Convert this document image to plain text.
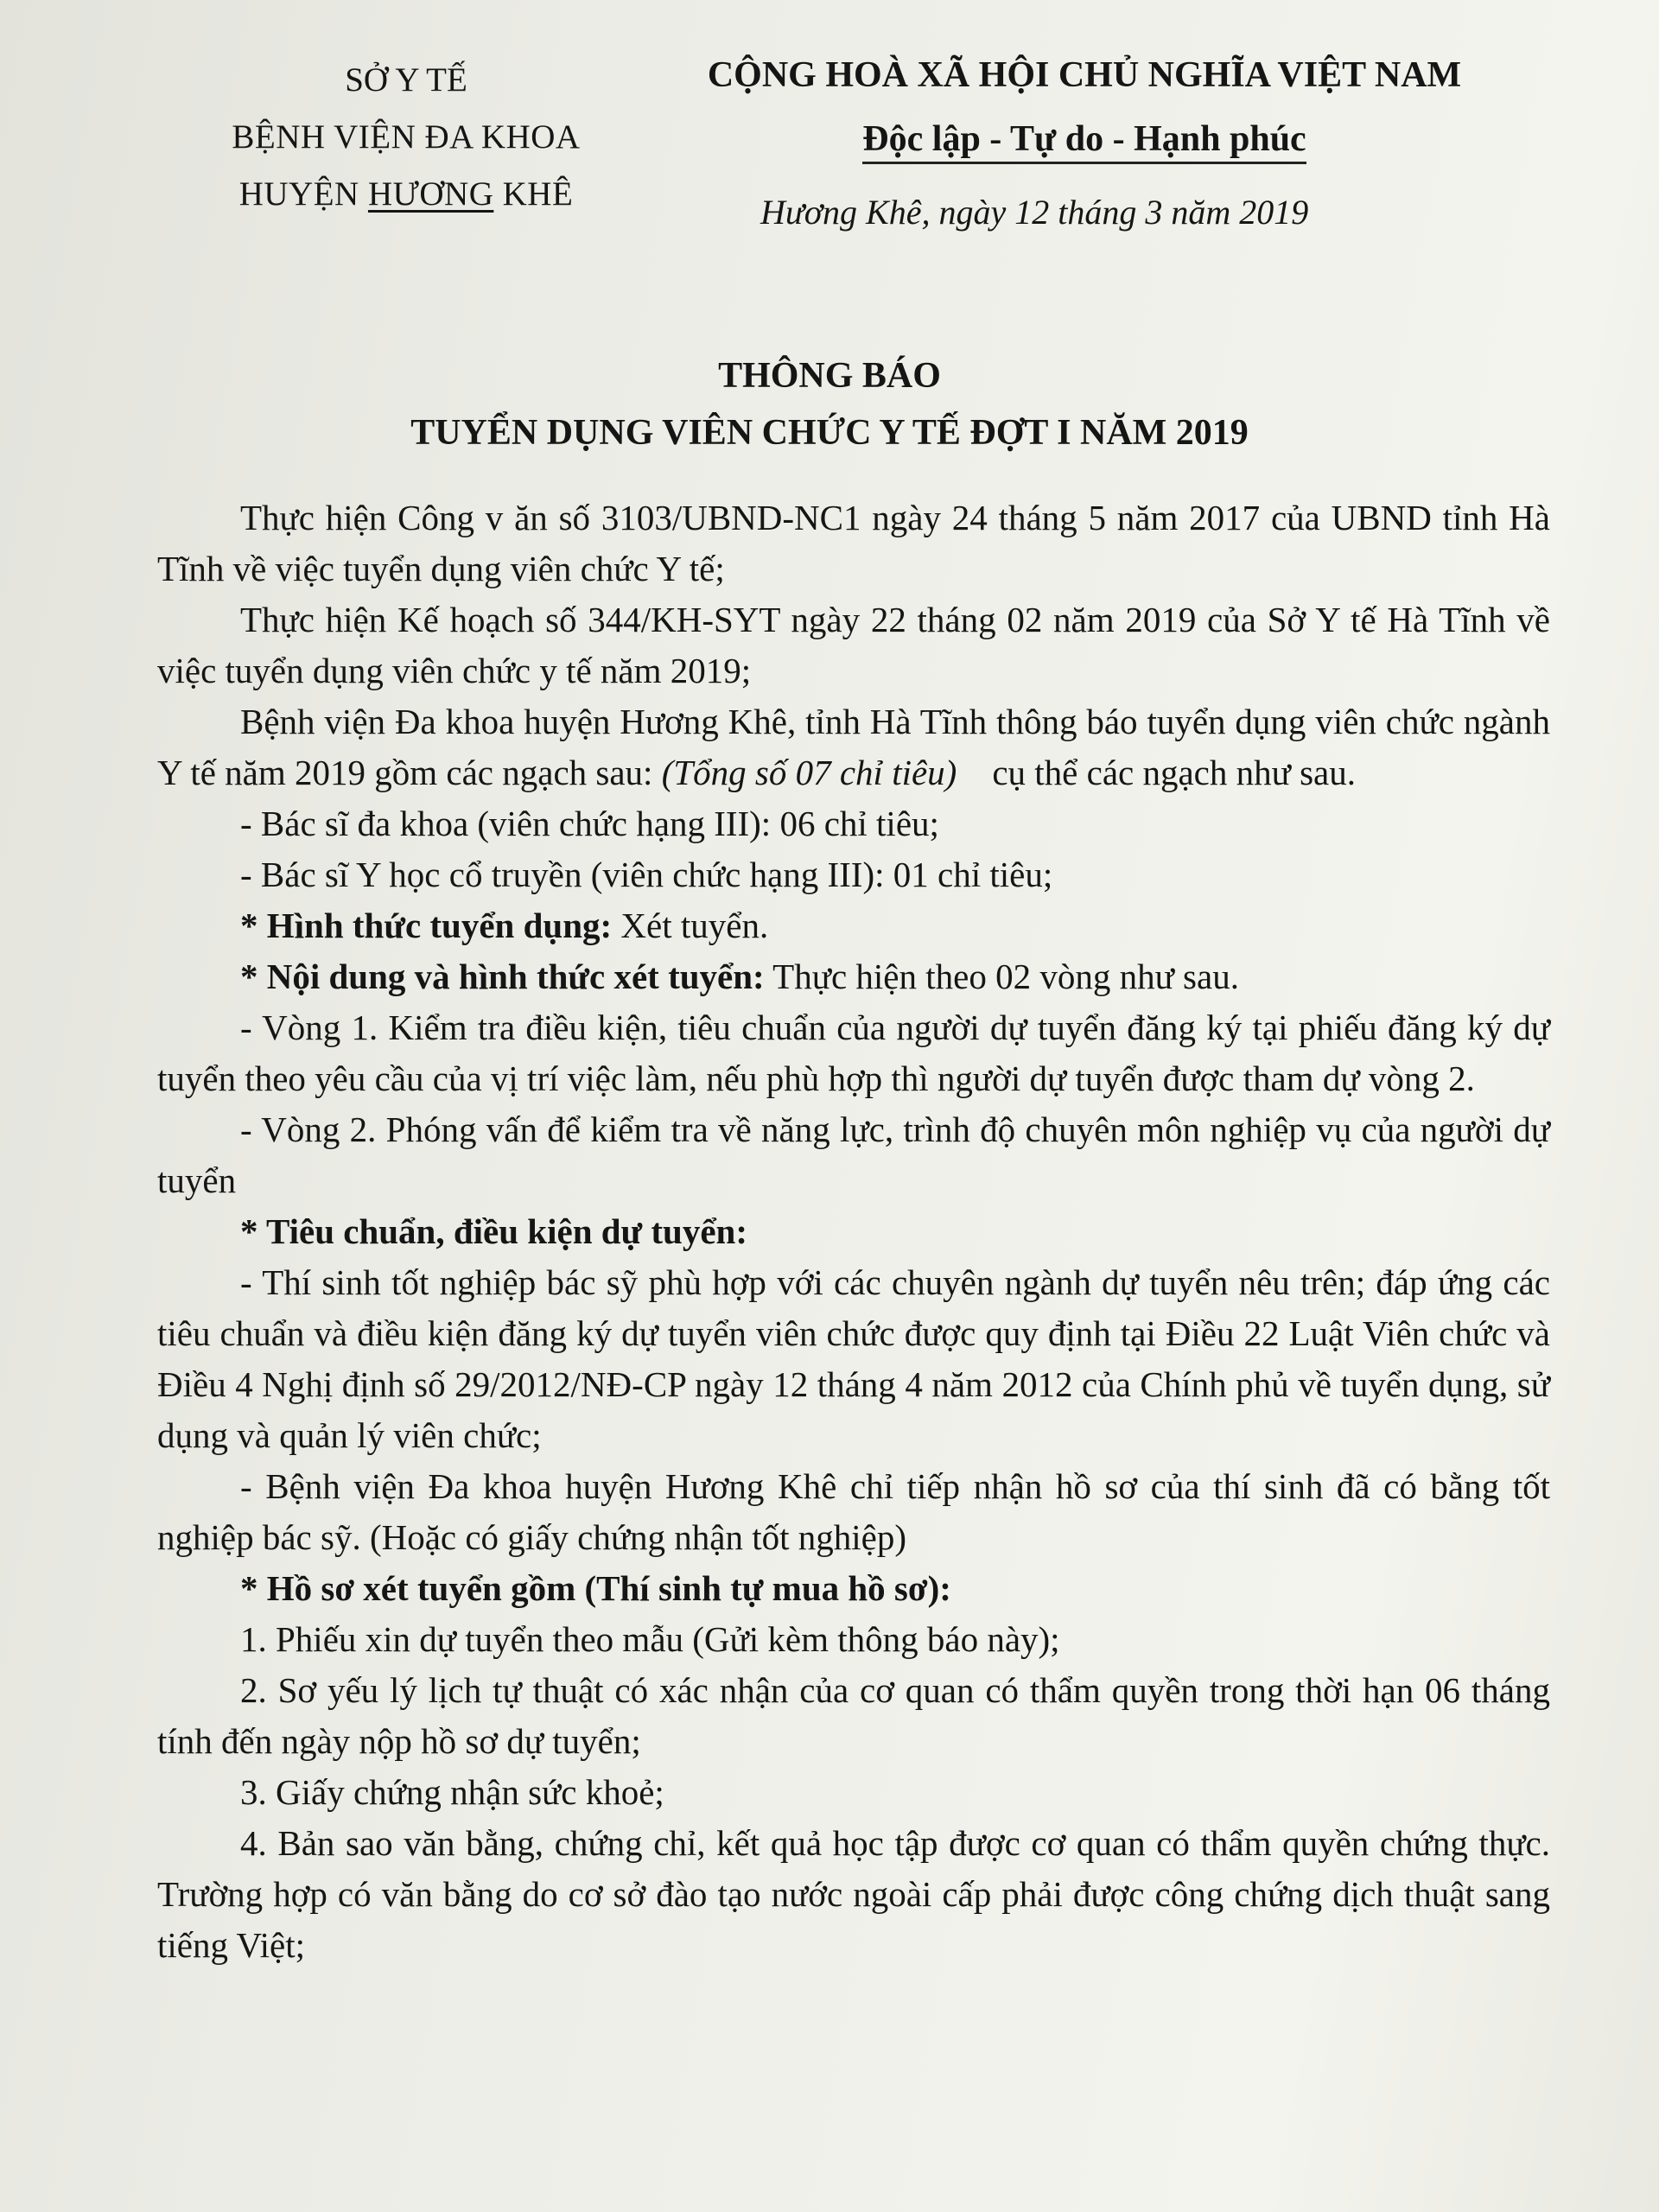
SỞ Y TẾ
BỆNH VIỆN ĐA KHOA
HUYỆN HƯƠNG KHÊ
CỘNG HOÀ XÃ HỘI CHỦ NGHĨA VIỆT NAM
Độc lập - Tự do - Hạnh phúc
Hương Khê, ngày 12 tháng 3 năm 2019
THÔNG BÁO
TUYỂN DỤNG VIÊN CHỨC Y TẾ ĐỢT I NĂM 2019

Thực hiện Công v ăn số 3103/UBND-NC1 ngày 24 tháng 5 năm 2017 của UBND tỉnh Hà Tĩnh về việc tuyển dụng viên chức Y tế;

Thực hiện Kế hoạch số 344/KH-SYT ngày 22 tháng 02 năm 2019 của Sở Y tế Hà Tĩnh về việc tuyển dụng viên chức y tế năm 2019;

Bệnh viện Đa khoa huyện Hương Khê, tỉnh Hà Tĩnh thông báo tuyển dụng viên chức ngành Y tế năm 2019 gồm các ngạch sau: (Tổng số 07 chỉ tiêu)    cụ thể các ngạch như sau.

- Bác sĩ đa khoa (viên chức hạng III): 06 chỉ tiêu;

- Bác sĩ Y học cổ truyền (viên chức hạng III): 01 chỉ tiêu;

* Hình thức tuyển dụng: Xét tuyển.

* Nội dung và hình thức xét tuyển: Thực hiện theo 02 vòng như sau.

- Vòng 1. Kiểm tra điều kiện, tiêu chuẩn của người dự tuyển đăng ký tại phiếu đăng ký dự tuyển theo yêu cầu của vị trí việc làm, nếu phù hợp thì người dự tuyển được tham dự vòng 2.

- Vòng 2. Phóng vấn để kiểm tra về năng lực, trình độ chuyên môn nghiệp vụ của người dự tuyển

* Tiêu chuẩn, điều kiện dự tuyển:

- Thí sinh tốt nghiệp bác sỹ phù hợp với các chuyên ngành dự tuyển nêu trên; đáp ứng các tiêu chuẩn và điều kiện đăng ký dự tuyển viên chức được quy định tại Điều 22 Luật Viên chức và Điều 4 Nghị định số 29/2012/NĐ-CP ngày 12 tháng 4 năm 2012 của Chính phủ về tuyển dụng, sử dụng và quản lý viên chức;

- Bệnh viện Đa khoa huyện Hương Khê chỉ tiếp nhận hồ sơ của thí sinh đã có bằng tốt nghiệp bác sỹ. (Hoặc có giấy chứng nhận tốt nghiệp)

* Hồ sơ xét tuyển gồm (Thí sinh tự mua hồ sơ):

1. Phiếu xin dự tuyển theo mẫu (Gửi kèm thông báo này);

2. Sơ yếu lý lịch tự thuật có xác nhận của cơ quan có thẩm quyền trong thời hạn 06 tháng tính đến ngày nộp hồ sơ dự tuyển;

3. Giấy chứng nhận sức khoẻ;

4. Bản sao văn bằng, chứng chỉ, kết quả học tập được cơ quan có thẩm quyền chứng thực. Trường hợp có văn bằng do cơ sở đào tạo nước ngoài cấp phải được công chứng dịch thuật sang tiếng Việt;
